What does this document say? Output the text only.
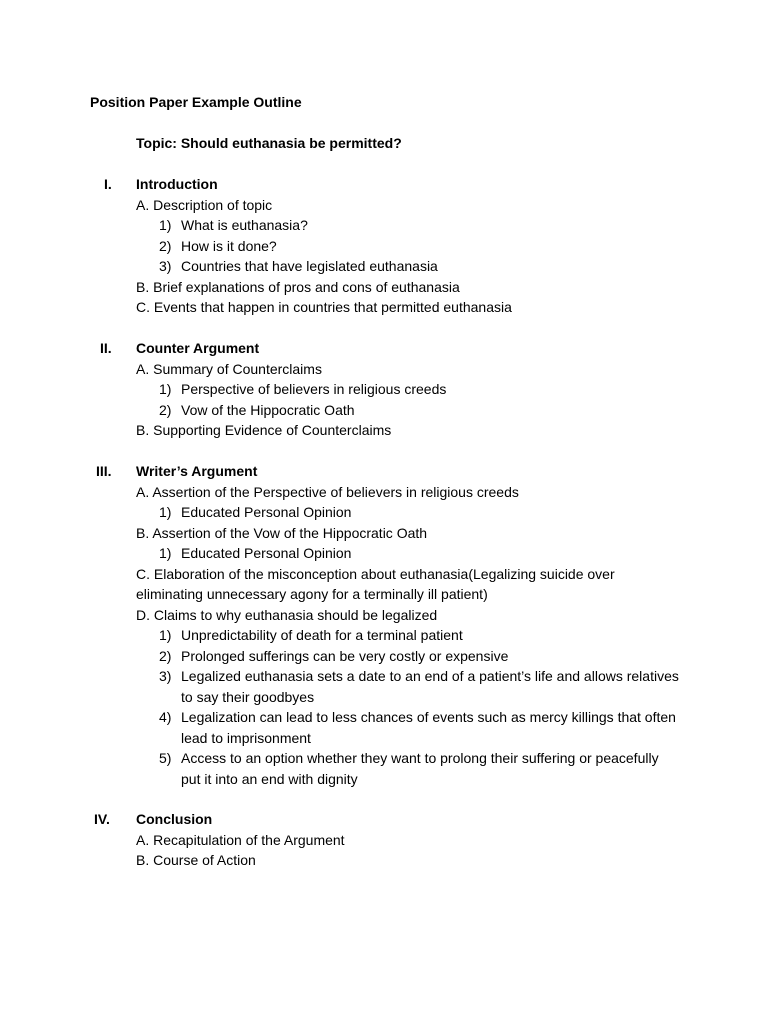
Position Paper Example Outline
Topic: Should euthanasia be permitted?
I. Introduction
A. Description of topic
1) What is euthanasia?
2) How is it done?
3) Countries that have legislated euthanasia
B. Brief explanations of pros and cons of euthanasia
C. Events that happen in countries that permitted euthanasia
II. Counter Argument
A. Summary of Counterclaims
1) Perspective of believers in religious creeds
2) Vow of the Hippocratic Oath
B. Supporting Evidence of Counterclaims
III. Writer’s Argument
A. Assertion of the Perspective of believers in religious creeds
1) Educated Personal Opinion
B. Assertion of the Vow of the Hippocratic Oath
1) Educated Personal Opinion
C. Elaboration of the misconception about euthanasia(Legalizing suicide over eliminating unnecessary agony for a terminally ill patient)
D. Claims to why euthanasia should be legalized
1) Unpredictability of death for a terminal patient
2) Prolonged sufferings can be very costly or expensive
3) Legalized euthanasia sets a date to an end of a patient’s life and allows relatives to say their goodbyes
4) Legalization can lead to less chances of events such as mercy killings that often lead to imprisonment
5) Access to an option whether they want to prolong their suffering or peacefully put it into an end with dignity
IV. Conclusion
A. Recapitulation of the Argument
B. Course of Action
